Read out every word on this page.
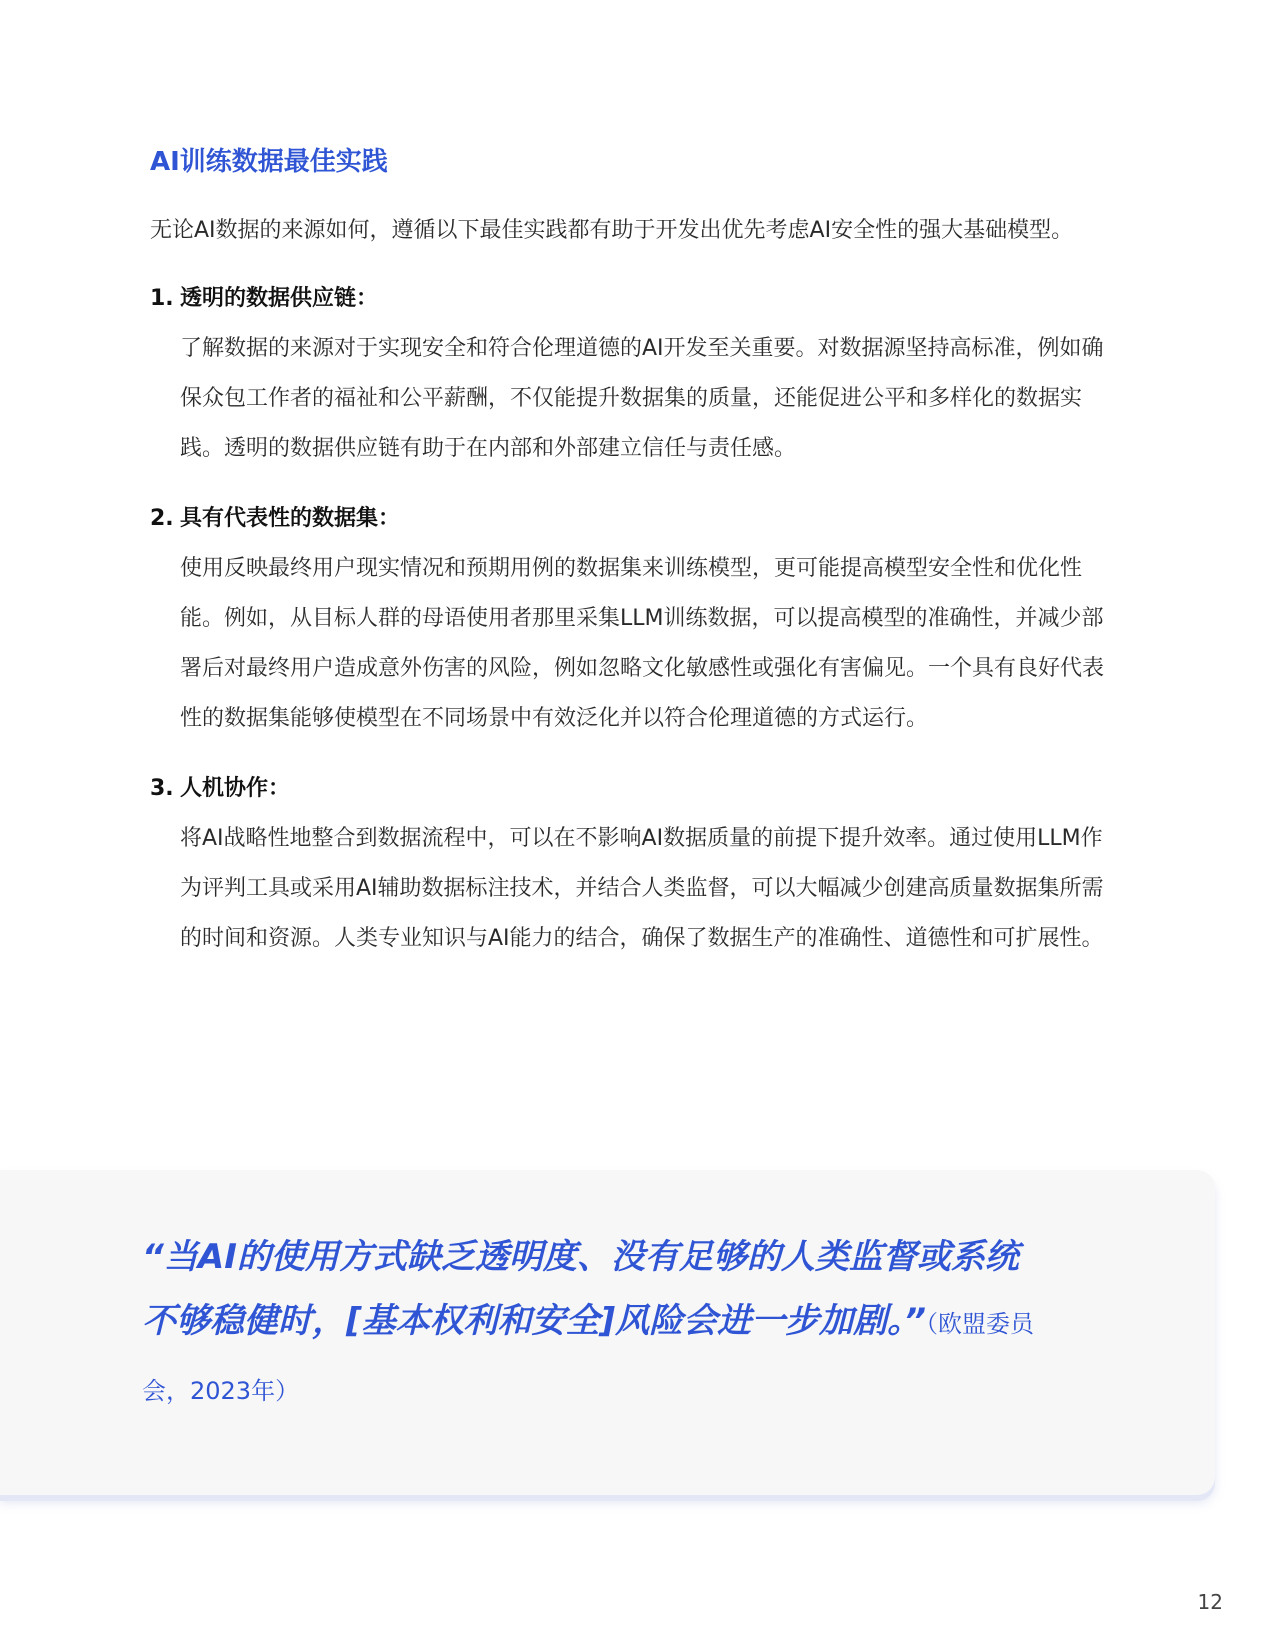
AI训练数据最佳实践

无论AI数据的来源如何，遵循以下最佳实践都有助于开发出优先考虑AI安全性的强大基础模型。

1. 透明的数据供应链：
了解数据的来源对于实现安全和符合伦理道德的AI开发至关重要。对数据源坚持高标准，例如确保众包工作者的福祉和公平薪酬，不仅能提升数据集的质量，还能促进公平和多样化的数据实践。透明的数据供应链有助于在内部和外部建立信任与责任感。
2. 具有代表性的数据集：
使用反映最终用户现实情况和预期用例的数据集来训练模型，更可能提高模型安全性和优化性能。例如，从目标人群的母语使用者那里采集LLM训练数据，可以提高模型的准确性，并减少部署后对最终用户造成意外伤害的风险，例如忽略文化敏感性或强化有害偏见。一个具有良好代表性的数据集能够使模型在不同场景中有效泛化并以符合伦理道德的方式运行。
3. 人机协作：
将AI战略性地整合到数据流程中，可以在不影响AI数据质量的前提下提升效率。通过使用LLM作为评判工具或采用AI辅助数据标注技术，并结合人类监督，可以大幅减少创建高质量数据集所需的时间和资源。人类专业知识与AI能力的结合，确保了数据生产的准确性、道德性和可扩展性。
“当AI的使用方式缺乏透明度、没有足够的人类监督或系统不够稳健时，[基本权利和安全]风险会进一步加剧。”（欧盟委员会，2023年）
12
